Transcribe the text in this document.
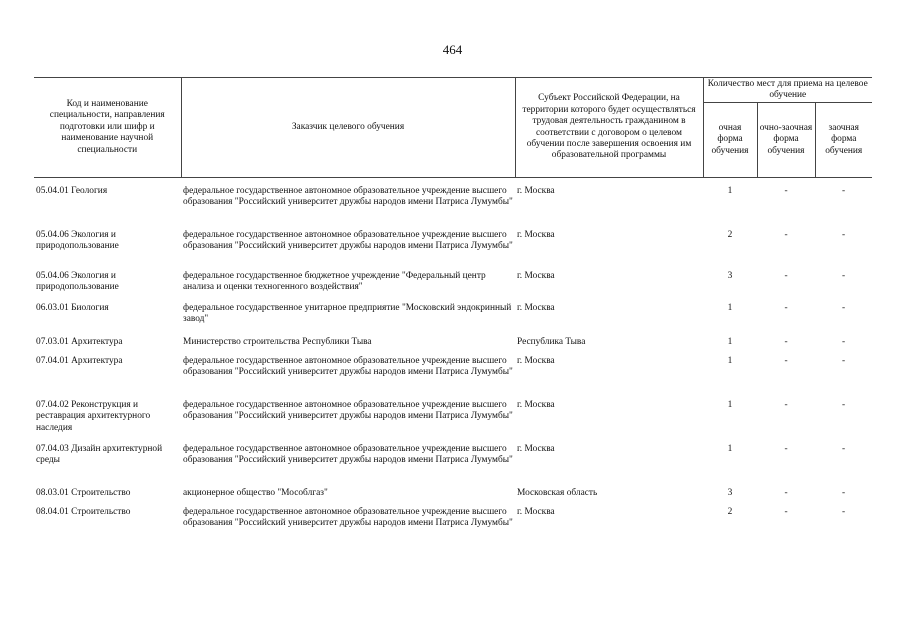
464
Код и наименование специальности, направления подготовки или шифр и наименование научной специальности	Заказчик целевого обучения	Субъект Российской Федерации, на территории которого будет осуществляться трудовая деятельность гражданином в соответствии с договором о целевом обучении после завершения освоения им образовательной программы	Количество мест для приема на целевое обучение		
			очная форма обучения	очно-заочная форма обучения	заочная форма обучения

05.04.01 Геология	федеральное государственное автономное образовательное учреждение высшего образования "Российский университет дружбы народов имени Патриса Лумумбы"	г. Москва	1	-	-
05.04.06 Экология и природопользование	федеральное государственное автономное образовательное учреждение высшего образования "Российский университет дружбы народов имени Патриса Лумумбы"	г. Москва	2	-	-
05.04.06 Экология и природопользование	федеральное государственное бюджетное учреждение "Федеральный центр анализа и оценки техногенного воздействия"	г. Москва	3	-	-
06.03.01 Биология	федеральное государственное унитарное предприятие "Московский эндокринный завод"	г. Москва	1	-	-
07.03.01 Архитектура	Министерство строительства Республики Тыва	Республика Тыва	1	-	-
07.04.01 Архитектура	федеральное государственное автономное образовательное учреждение высшего образования "Российский университет дружбы народов имени Патриса Лумумбы"	г. Москва	1	-	-
07.04.02 Реконструкция и реставрация архитектурного наследия	федеральное государственное автономное образовательное учреждение высшего образования "Российский университет дружбы народов имени Патриса Лумумбы"	г. Москва	1	-	-
07.04.03 Дизайн архитектурной среды	федеральное государственное автономное образовательное учреждение высшего образования "Российский университет дружбы народов имени Патриса Лумумбы"	г. Москва	1	-	-
08.03.01 Строительство	акционерное общество "Мособлгаз"	Московская область	3	-	-
08.04.01 Строительство	федеральное государственное автономное образовательное учреждение высшего образования "Российский университет дружбы народов имени Патриса Лумумбы"	г. Москва	2	-	-
